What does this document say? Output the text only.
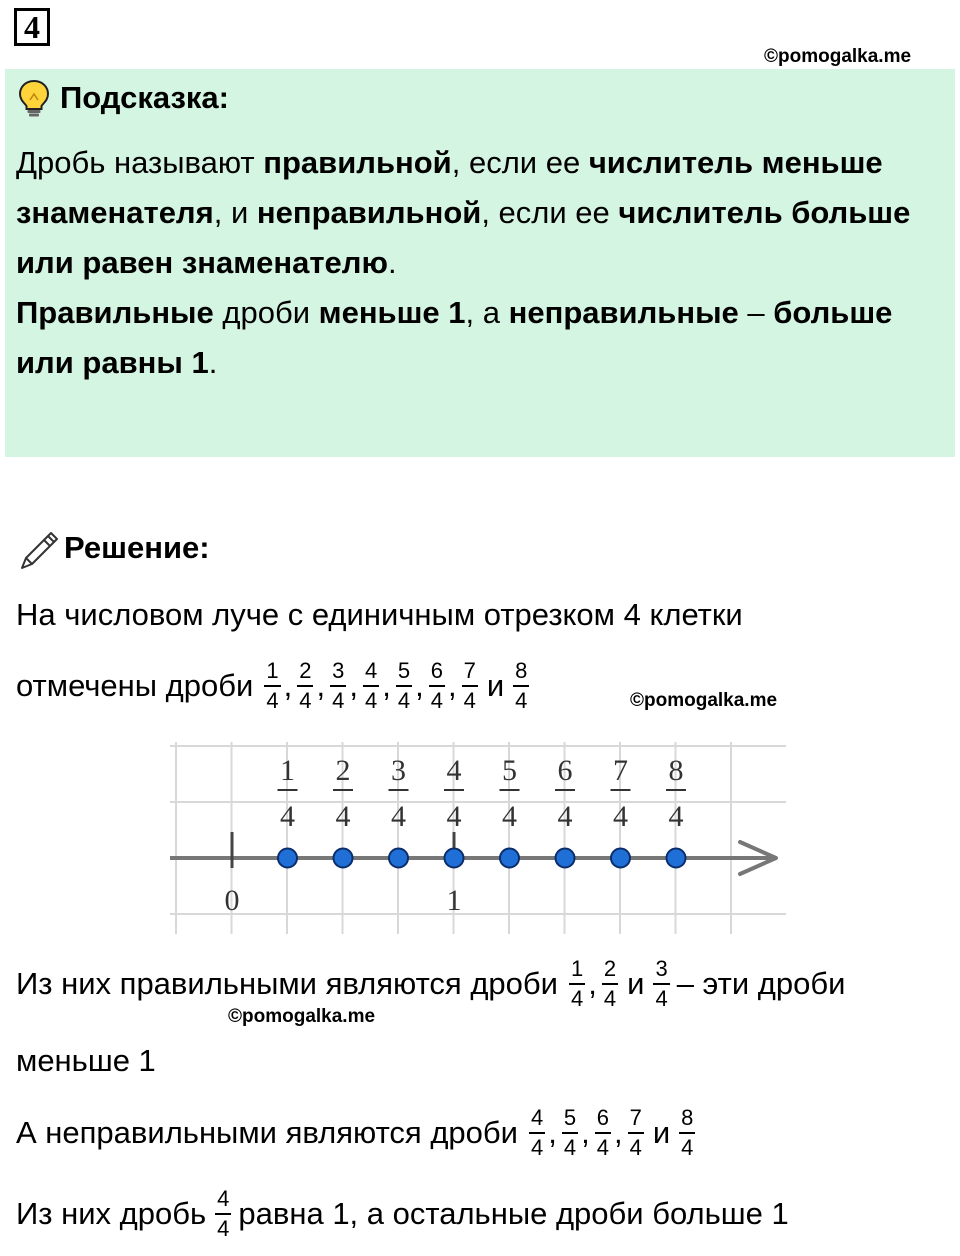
4
©pomogalka.me
Подсказка:
Дробь называют правильной, если ее числитель меньше знаменателя, и неправильной, если ее числитель больше или равен знаменателю.
Правильные дроби меньше 1, а неправильные – больше или равны 1.
Решение:
На числовом луче с единичным отрезком 4 клетки
отмечены дроби $\frac{1}{4}$ , $\frac{2}{4}$ , $\frac{3}{4}$ , $\frac{4}{4}$ , $\frac{5}{4}$ , $\frac{6}{4}$ , $\frac{7}{4}$ и $\frac{8}{4}$	©pomogalka.me
0	1
1
4
2
4
3
4
4
4
5
4
6
4
7
4
8
4
Из них правильными являются дроби $\frac{1}{4}$ , $\frac{2}{4}$ и $\frac{3}{4}$ – эти дроби
©pomogalka.me
меньше 1
А неправильными являются дроби $\frac{4}{4}$ , $\frac{5}{4}$ , $\frac{6}{4}$ , $\frac{7}{4}$ и $\frac{8}{4}$
Из них дробь $\frac{4}{4}$ равна 1, а остальные дроби больше 1
